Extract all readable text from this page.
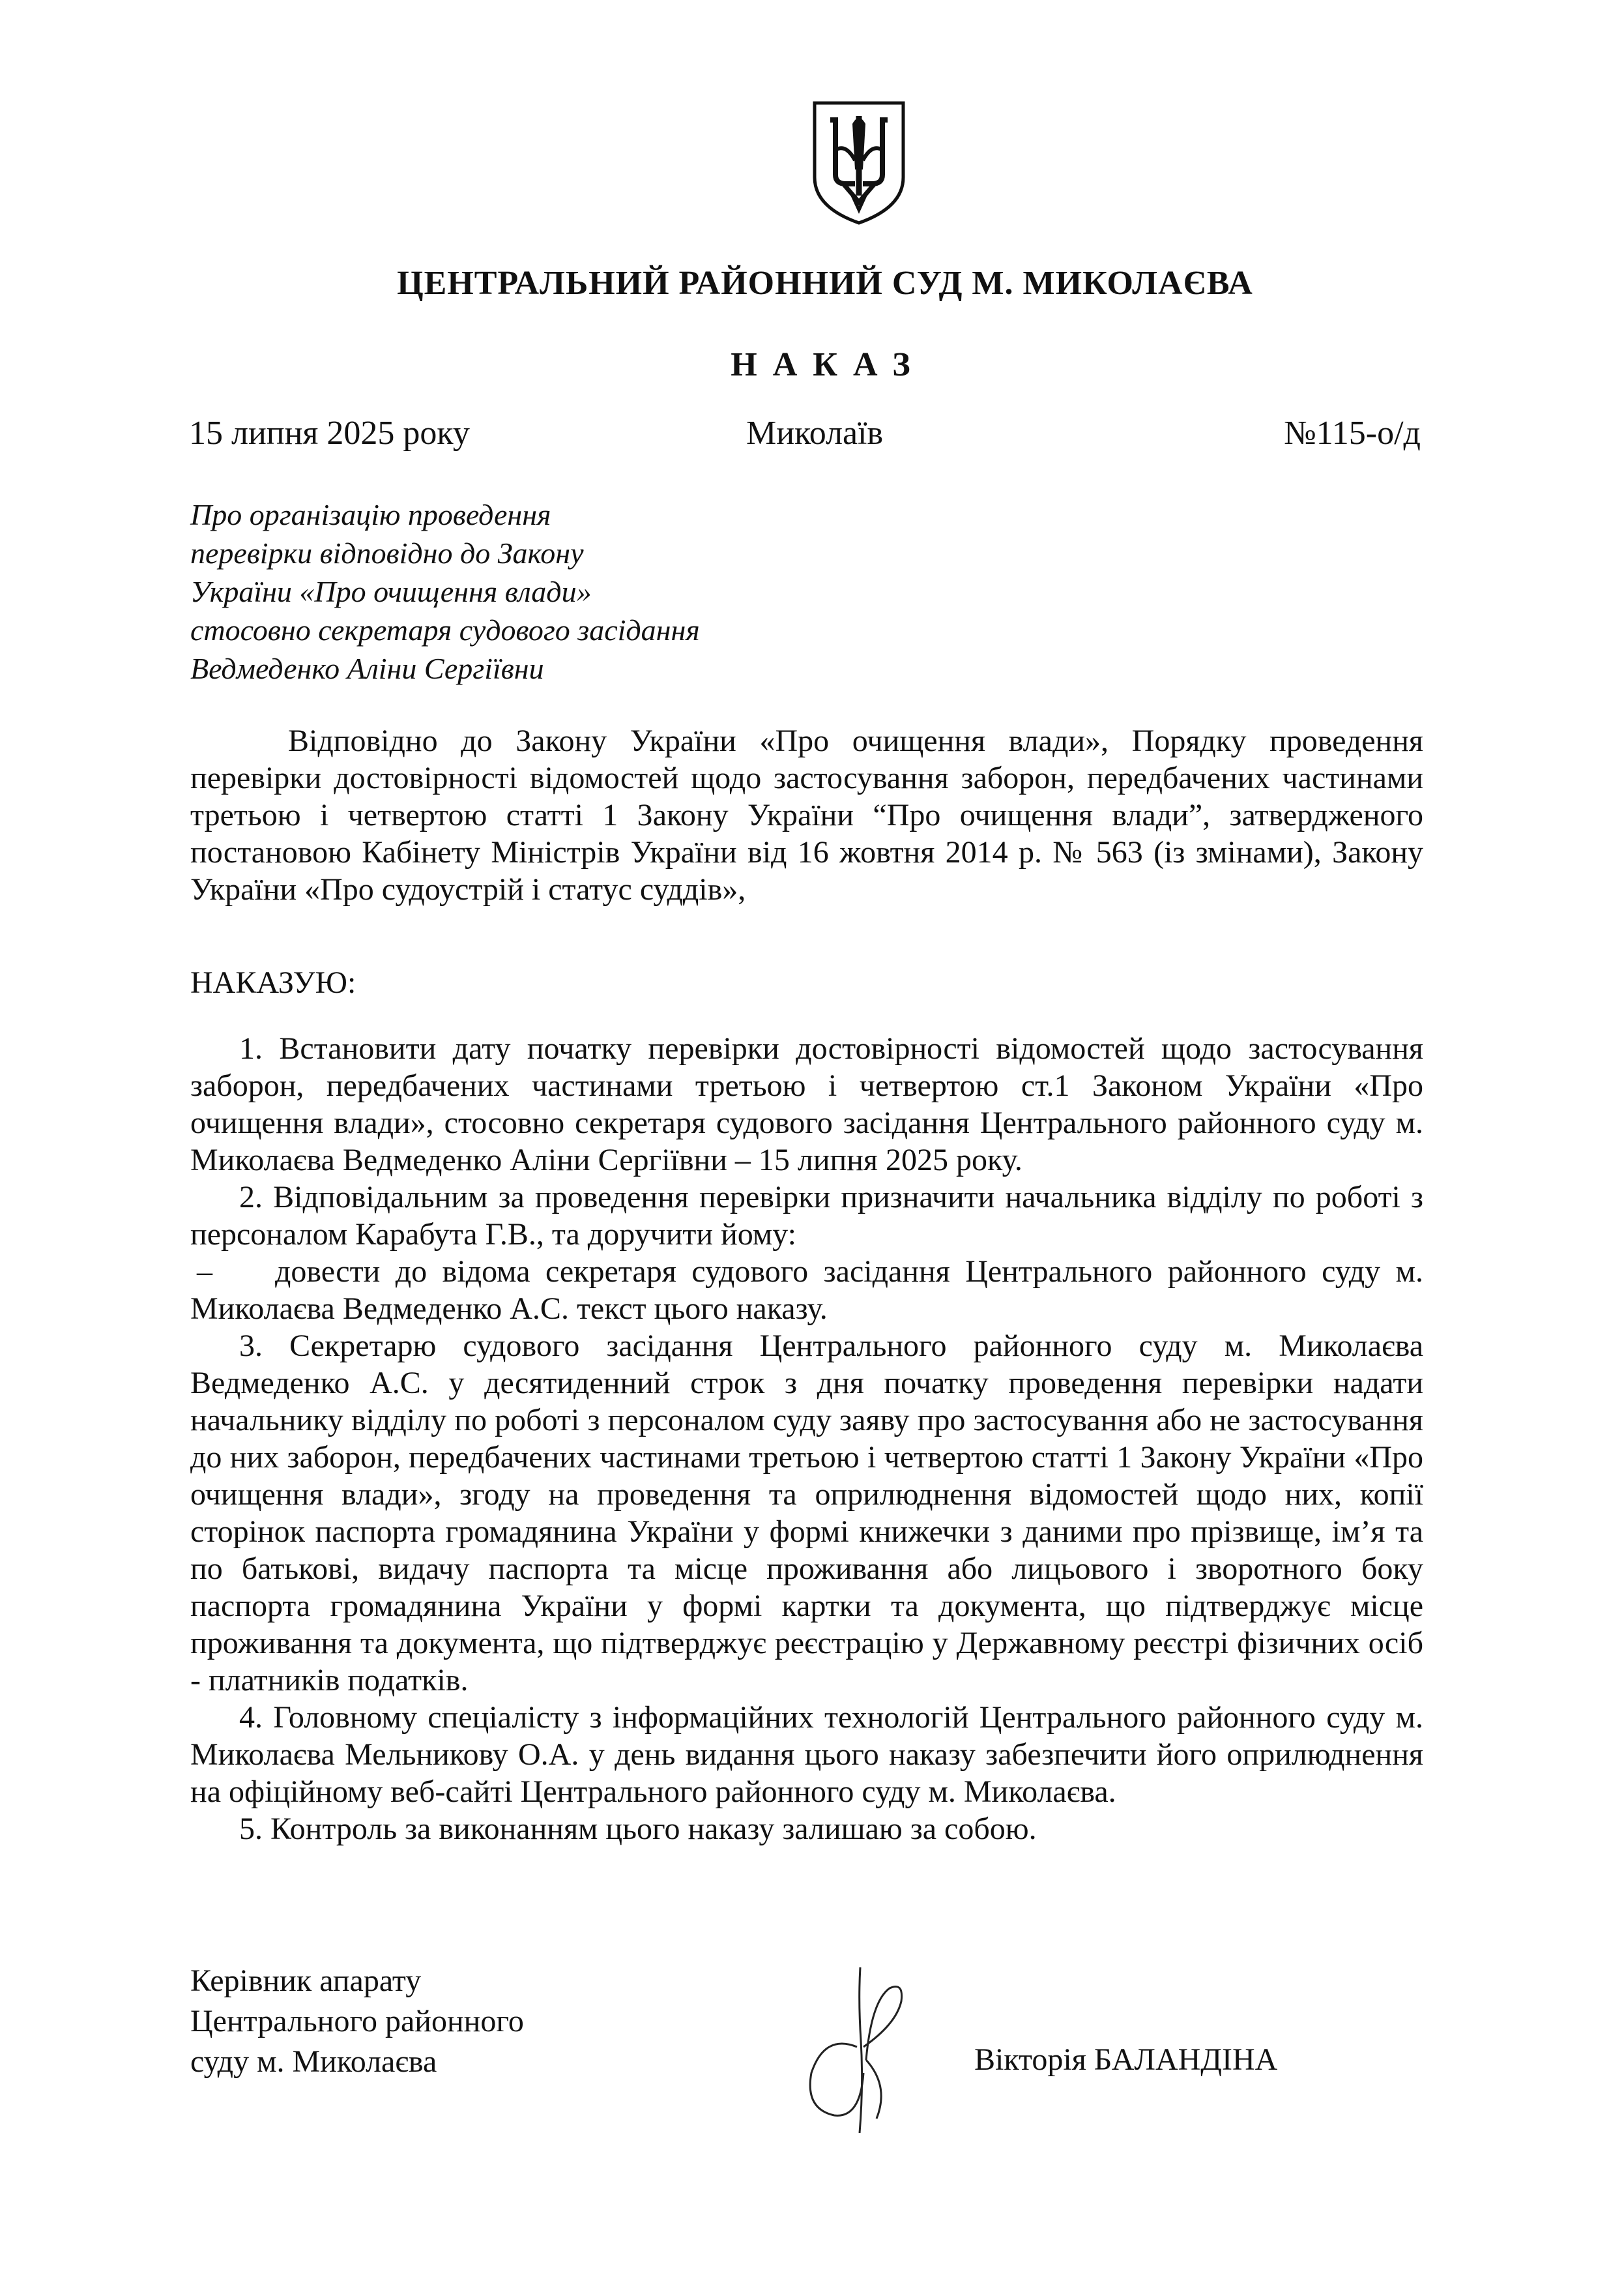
ЦЕНТРАЛЬНИЙ РАЙОННИЙ СУД М. МИКОЛАЄВА
НАКАЗ
15 липня 2025 року	Миколаїв	№115-о/д
Про організацію проведення
перевірки відповідно до Закону
України «Про очищення влади»
стосовно секретаря судового засідання
Ведмеденко Аліни Сергіївни
Відповідно до Закону України «Про очищення влади», Порядку проведення перевірки достовірності відомостей щодо застосування заборон, передбачених частинами третьою і четвертою статті 1 Закону України “Про очищення влади”, затвердженого постановою Кабінету Міністрів України від 16 жовтня 2014 р. № 563 (із змінами), Закону України «Про судоустрій і статус суддів»,
НАКАЗУЮ:

1. Встановити дату початку перевірки достовірності відомостей щодо застосування заборон, передбачених частинами третьою і четвертою ст.1 Законом України «Про очищення влади», стосовно секретаря судового засідання Центрального районного суду м. Миколаєва Ведмеденко Аліни Сергіївни – 15 липня 2025 року.

2. Відповідальним за проведення перевірки призначити начальника відділу по роботі з персоналом Карабута Г.В., та доручити йому:

– довести до відома секретаря судового засідання Центрального районного суду м. Миколаєва Ведмеденко А.С. текст цього наказу.

3. Секретарю судового засідання Центрального районного суду м. Миколаєва Ведмеденко А.С. у десятиденний строк з дня початку проведення перевірки надати начальнику відділу по роботі з персоналом суду заяву про застосування або не застосування до них заборон, передбачених частинами третьою і четвертою статті 1 Закону України «Про очищення влади», згоду на проведення та оприлюднення відомостей щодо них, копії сторінок паспорта громадянина України у формі книжечки з даними про прізвище, ім’я та по батькові, видачу паспорта та місце проживання або лицьового і зворотного боку паспорта громадянина України у формі картки та документа, що підтверджує місце проживання та документа, що підтверджує реєстрацію у Державному реєстрі фізичних осіб - платників податків.

4. Головному спеціалісту з інформаційних технологій Центрального районного суду м. Миколаєва Мельникову О.А. у день видання цього наказу забезпечити його оприлюднення на офіційному веб-сайті Центрального районного суду м. Миколаєва.

5. Контроль за виконанням цього наказу залишаю за собою.

Керівник апарату
Центрального районного
суду м. Миколаєва	Вікторія БАЛАНДІНА
